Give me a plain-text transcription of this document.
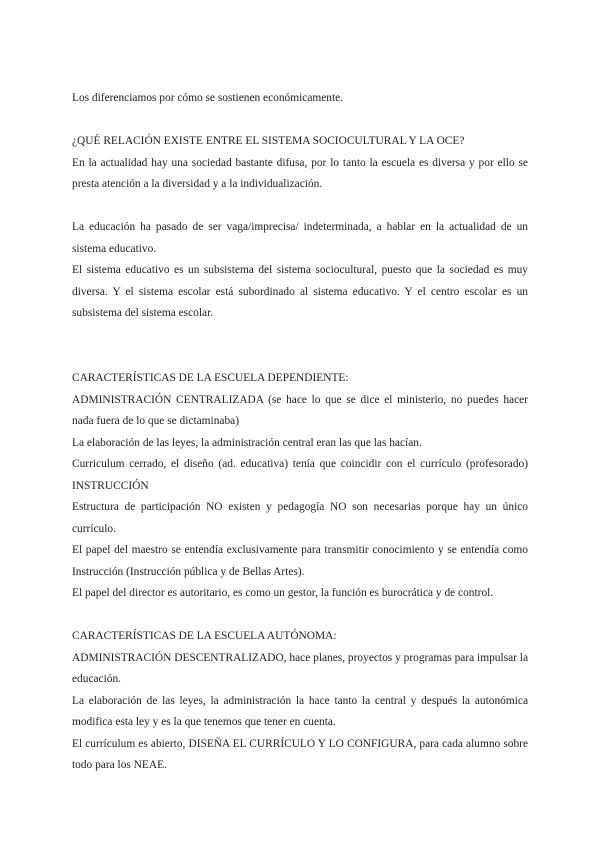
Los diferenciamos por cómo se sostienen económicamente.

¿QUÉ RELACIÓN EXISTE ENTRE EL SISTEMA SOCIOCULTURAL Y LA OCE?

En la actualidad hay una sociedad bastante difusa, por lo tanto la escuela es diversa y por ello se presta atención a la diversidad y a la individualización.

La educación ha pasado de ser vaga/imprecisa/ indeterminada, a hablar en la actualidad de un sistema educativo.

El sistema educativo es un subsistema del sistema sociocultural, puesto que la sociedad es muy diversa. Y el sistema escolar está subordinado al sistema educativo. Y el centro escolar es un subsistema del sistema escolar.

CARACTERÍSTICAS DE LA ESCUELA DEPENDIENTE:

ADMINISTRACIÓN CENTRALIZADA (se hace lo que se dice el ministerio, no puedes hacer nada fuera de lo que se dictaminaba)

La elaboración de las leyes, la administración central eran las que las hacían.

Curriculum cerrado, el diseño (ad. educativa) tenía que coincidir con el currículo (profesorado) INSTRUCCIÓN

Estructura de participación NO existen y pedagogía NO son necesarias porque hay un único currículo.

El papel del maestro se entendía exclusivamente para transmitir conocimiento y se entendía como Instrucción (Instrucción pública y de Bellas Artes).

El papel del director es autoritario, es como un gestor, la función es burocrática y de control.

CARACTERÍSTICAS DE LA ESCUELA AUTÓNOMA:

ADMINISTRACIÓN DESCENTRALIZADO, hace planes, proyectos y programas para impulsar la educación.

La elaboración de las leyes, la administración la hace tanto la central y después la autonómica modifica esta ley y es la que tenemos que tener en cuenta.

El currículum es abierto, DISEÑA EL CURRÍCULO Y LO CONFIGURA, para cada alumno sobre todo para los NEAE.
